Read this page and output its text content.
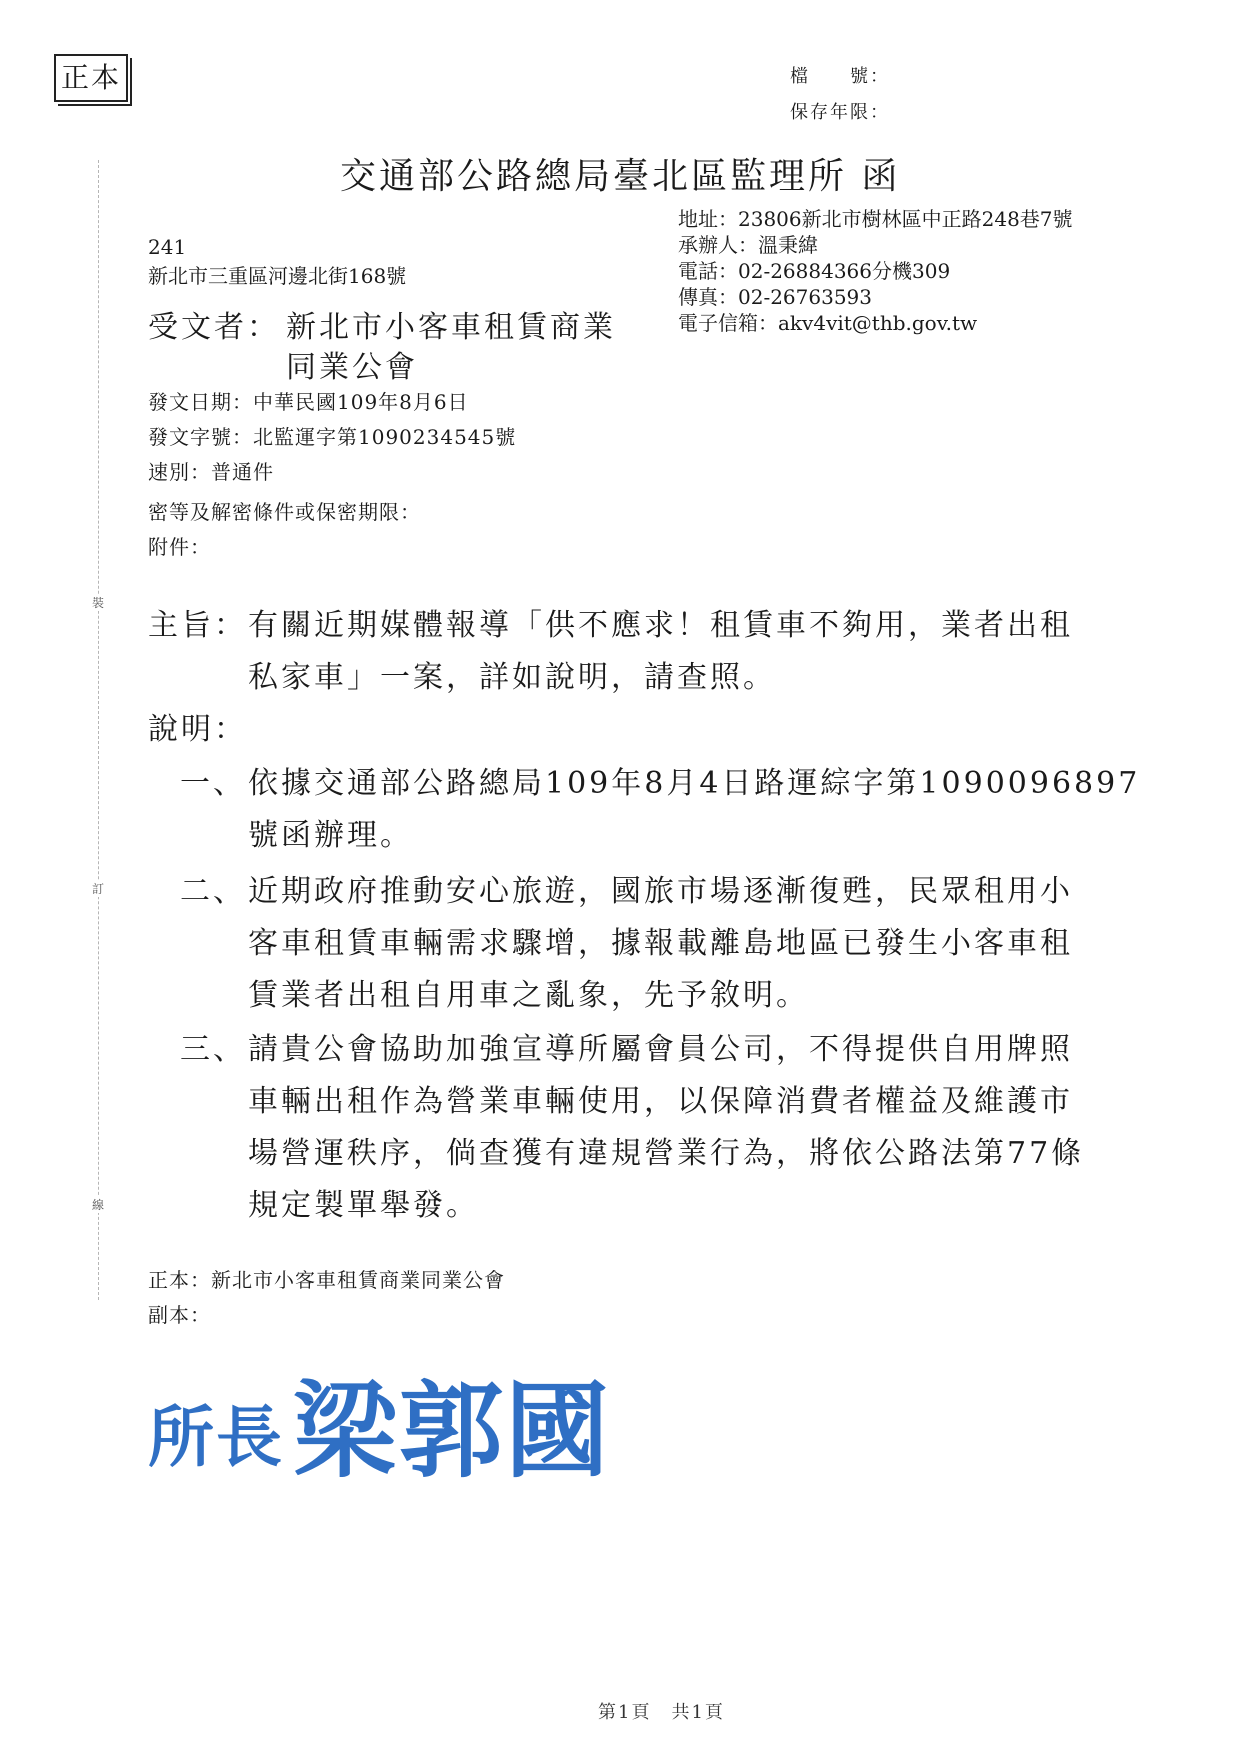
正本	檔　　號：
保存年限：
交通部公路總局臺北區監理所 函
裝
訂
線
地址：23806新北市樹林區中正路248巷7號
承辦人：溫秉緯
電話：02-26884366分機309
傳真：02-26763593
電子信箱：akv4vit@thb.gov.tw
241
新北市三重區河邊北街168號
受文者： 新北市小客車租賃商業
同業公會
發文日期：中華民國109年8月6日
發文字號：北監運字第1090234545號
速別：普通件
密等及解密條件或保密期限：
附件：
主旨： 有關近期媒體報導「供不應求！租賃車不夠用，業者出租
私家車」一案，詳如說明，請查照。
說明：
一、 依據交通部公路總局109年8月4日路運綜字第1090096897
號函辦理。
二、 近期政府推動安心旅遊，國旅市場逐漸復甦，民眾租用小
客車租賃車輛需求驟增，據報載離島地區已發生小客車租
賃業者出租自用車之亂象，先予敘明。
三、 請貴公會協助加強宣導所屬會員公司，不得提供自用牌照
車輛出租作為營業車輛使用，以保障消費者權益及維護市
場營運秩序，倘查獲有違規營業行為，將依公路法第77條
規定製單舉發。
正本：新北市小客車租賃商業同業公會
副本：
所長 梁郭國
第1頁　共1頁
